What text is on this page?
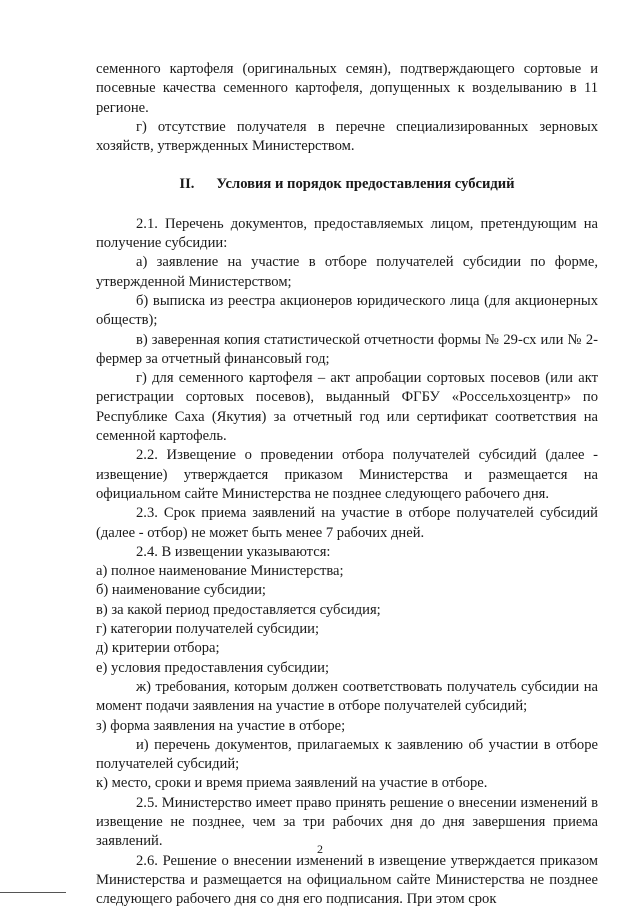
семенного картофеля (оригинальных семян), подтверждающего сортовые и посевные качества семенного картофеля, допущенных к возделыванию в 11 регионе.

г) отсутствие получателя в перечне специализированных зерновых хозяйств, утвержденных Министерством.

II. Условия и порядок предоставления субсидий

2.1. Перечень документов, предоставляемых лицом, претендующим на получение субсидии:

а) заявление на участие в отборе получателей субсидии по форме, утвержденной Министерством;

б) выписка из реестра акционеров юридического лица (для акционерных обществ);

в) заверенная копия статистической отчетности формы № 29-сх или № 2-фермер за отчетный финансовый год;

г) для семенного картофеля – акт апробации сортовых посевов (или акт регистрации сортовых посевов), выданный ФГБУ «Россельхозцентр» по Республике Саха (Якутия) за отчетный год или сертификат соответствия на семенной картофель.

2.2. Извещение о проведении отбора получателей субсидий (далее - извещение) утверждается приказом Министерства и размещается на официальном сайте Министерства не позднее следующего рабочего дня.

2.3. Срок приема заявлений на участие в отборе получателей субсидий (далее - отбор) не может быть менее 7 рабочих дней.

2.4. В извещении указываются:

а) полное наименование Министерства;

б) наименование субсидии;

в) за какой период предоставляется субсидия;

г) категории получателей субсидии;

д) критерии отбора;

е) условия предоставления субсидии;

ж) требования, которым должен соответствовать получатель субсидии на момент подачи заявления на участие в отборе получателей субсидий;

з) форма заявления на участие в отборе;

и) перечень документов, прилагаемых к заявлению об участии в отборе получателей субсидий;

к) место, сроки и время приема заявлений на участие в отборе.

2.5. Министерство имеет право принять решение о внесении изменений в извещение не позднее, чем за три рабочих дня до дня завершения приема заявлений.

2.6. Решение о внесении изменений в извещение утверждается приказом Министерства и размещается на официальном сайте Министерства не позднее следующего рабочего дня со дня его подписания. При этом срок

2
